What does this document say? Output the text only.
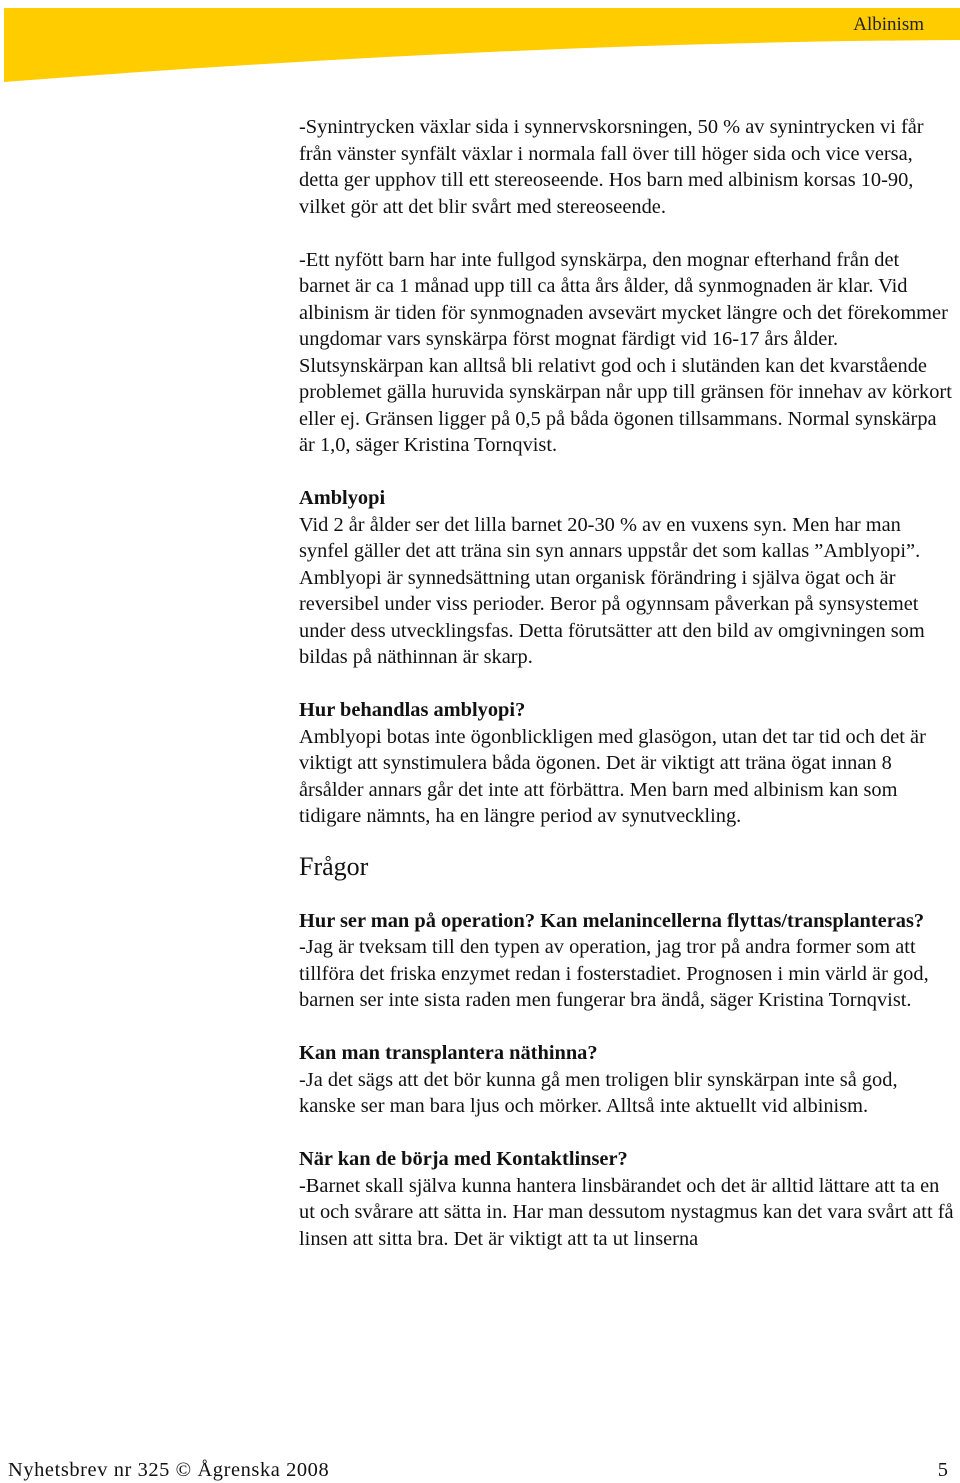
Albinism

-Synintrycken växlar sida i synnervskorsningen, 50 % av synintrycken vi får från vänster synfält växlar i normala fall över till höger sida och vice versa, detta ger upphov till ett stereoseende. Hos barn med albinism korsas 10-90, vilket gör att det blir svårt med stereoseende.

-Ett nyfött barn har inte fullgod synskärpa, den mognar efterhand från det barnet är ca 1 månad upp till ca åtta års ålder, då synmognaden är klar. Vid albinism är tiden för synmognaden avsevärt mycket längre och det förekommer ungdomar vars synskärpa först mognat färdigt vid 16-17 års ålder. Slutsynskärpan kan alltså bli relativt god och i slutänden kan det kvarstående problemet gälla huruvida synskärpan når upp till gränsen för innehav av körkort eller ej. Gränsen ligger på 0,5 på båda ögonen tillsammans. Normal synskärpa är 1,0, säger Kristina Tornqvist.

Amblyopi

Vid 2 år ålder ser det lilla barnet 20-30 % av en vuxens syn. Men har man synfel gäller det att träna sin syn annars uppstår det som kallas ”Amblyopi”. Amblyopi är synnedsättning utan organisk förändring i själva ögat och är reversibel under viss perioder. Beror på ogynnsam påverkan på synsystemet under dess utvecklingsfas. Detta förutsätter att den bild av omgivningen som bildas på näthinnan är skarp.

Hur behandlas amblyopi?

Amblyopi botas inte ögonblickligen med glasögon, utan det tar tid och det är viktigt att synstimulera båda ögonen. Det är viktigt att träna ögat innan 8 årsålder annars går det inte att förbättra. Men barn med albinism kan som tidigare nämnts, ha en längre period av synutveckling.

Frågor

Hur ser man på operation? Kan melanincellerna flyttas/transplanteras?

-Jag är tveksam till den typen av operation, jag tror på andra former som att tillföra det friska enzymet redan i fosterstadiet. Prognosen i min värld är god, barnen ser inte sista raden men fungerar bra ändå, säger Kristina Tornqvist.

Kan man transplantera näthinna?

-Ja det sägs att det bör kunna gå men troligen blir synskärpan inte så god, kanske ser man bara ljus och mörker. Alltså inte aktuellt vid albinism.

När kan de börja med Kontaktlinser?

-Barnet skall själva kunna hantera linsbärandet och det är alltid lättare att ta en ut och svårare att sätta in. Har man dessutom nystagmus kan det vara svårt att få linsen att sitta bra. Det är viktigt att ta ut linserna

Nyhetsbrev nr 325 © Ågrenska 2008	5
